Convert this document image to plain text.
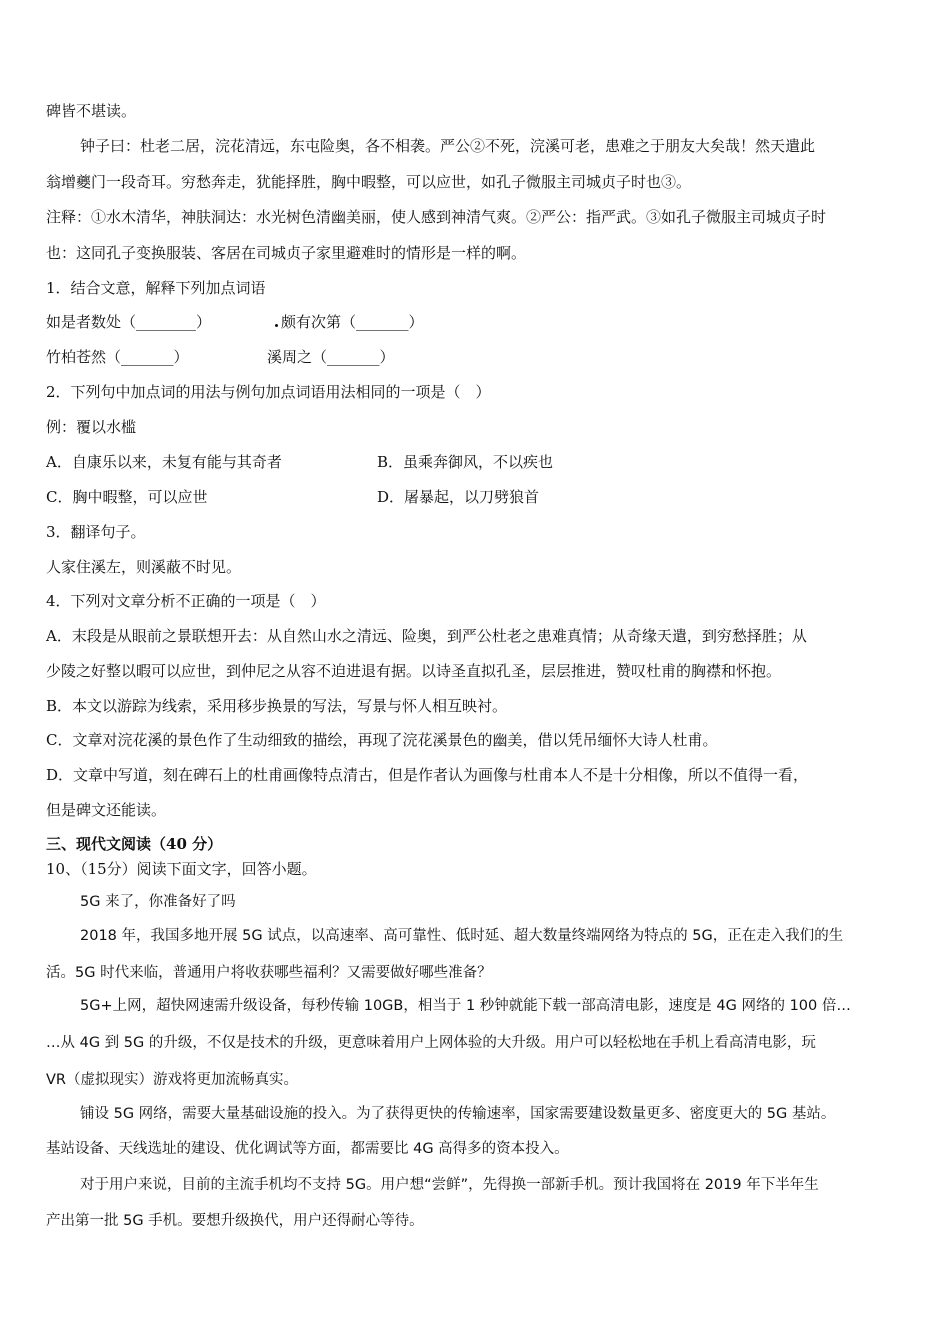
碑皆不堪读。
钟子曰：杜老二居，浣花清远，东屯险奥，各不相袭。严公②不死，浣溪可老，患难之于朋友大矣哉！然天遣此
翁增夔门一段奇耳。穷愁奔走，犹能择胜，胸中暇整，可以应世，如孔子微服主司城贞子时也③。
注释：①水木清华，神肤洞达：水光树色清幽美丽，使人感到神清气爽。②严公：指严武。③如孔子微服主司城贞子时
也：这同孔子变换服装、客居在司城贞子家里避难时的情形是一样的啊。
1．结合文意，解释下列加点词语
如是者数处（________）	颇有次第（_______）
竹柏苍然（_______）	溪周之（_______）
2．下列句中加点词的用法与例句加点词语用法相同的一项是（　）
例：覆以水槛
A．自康乐以来，未复有能与其奇者	B．虽乘奔御风，不以疾也
C．胸中暇整，可以应世	D．屠暴起，以刀劈狼首
3．翻译句子。
人家住溪左，则溪蔽不时见。
4．下列对文章分析不正确的一项是（　）
A．末段是从眼前之景联想开去：从自然山水之清远、险奥，到严公杜老之患难真情；从奇缘天遣，到穷愁择胜；从
少陵之好整以暇可以应世，到仲尼之从容不迫进退有据。以诗圣直拟孔圣，层层推进，赞叹杜甫的胸襟和怀抱。
B．本文以游踪为线索，采用移步换景的写法，写景与怀人相互映衬。
C．文章对浣花溪的景色作了生动细致的描绘，再现了浣花溪景色的幽美，借以凭吊缅怀大诗人杜甫。
D．文章中写道，刻在碑石上的杜甫画像特点清古，但是作者认为画像与杜甫本人不是十分相像，所以不值得一看，
但是碑文还能读。
三、现代文阅读（40 分）
10、（15分）阅读下面文字，回答小题。
5G 来了，你准备好了吗
2018 年，我国多地开展 5G 试点，以高速率、高可靠性、低时延、超大数量终端网络为特点的 5G，正在走入我们的生
活。5G 时代来临，普通用户将收获哪些福利？又需要做好哪些准备？
5G+上网，超快网速需升级设备，每秒传输 10GB，相当于 1 秒钟就能下载一部高清电影，速度是 4G 网络的 100 倍…
…从 4G 到 5G 的升级，不仅是技术的升级，更意味着用户上网体验的大升级。用户可以轻松地在手机上看高清电影，玩
VR（虚拟现实）游戏将更加流畅真实。
铺设 5G 网络，需要大量基础设施的投入。为了获得更快的传输速率，国家需要建设数量更多、密度更大的 5G 基站。
基站设备、天线选址的建设、优化调试等方面，都需要比 4G 高得多的资本投入。
对于用户来说，目前的主流手机均不支持 5G。用户想“尝鲜”，先得换一部新手机。预计我国将在 2019 年下半年生
产出第一批 5G 手机。要想升级换代，用户还得耐心等待。
